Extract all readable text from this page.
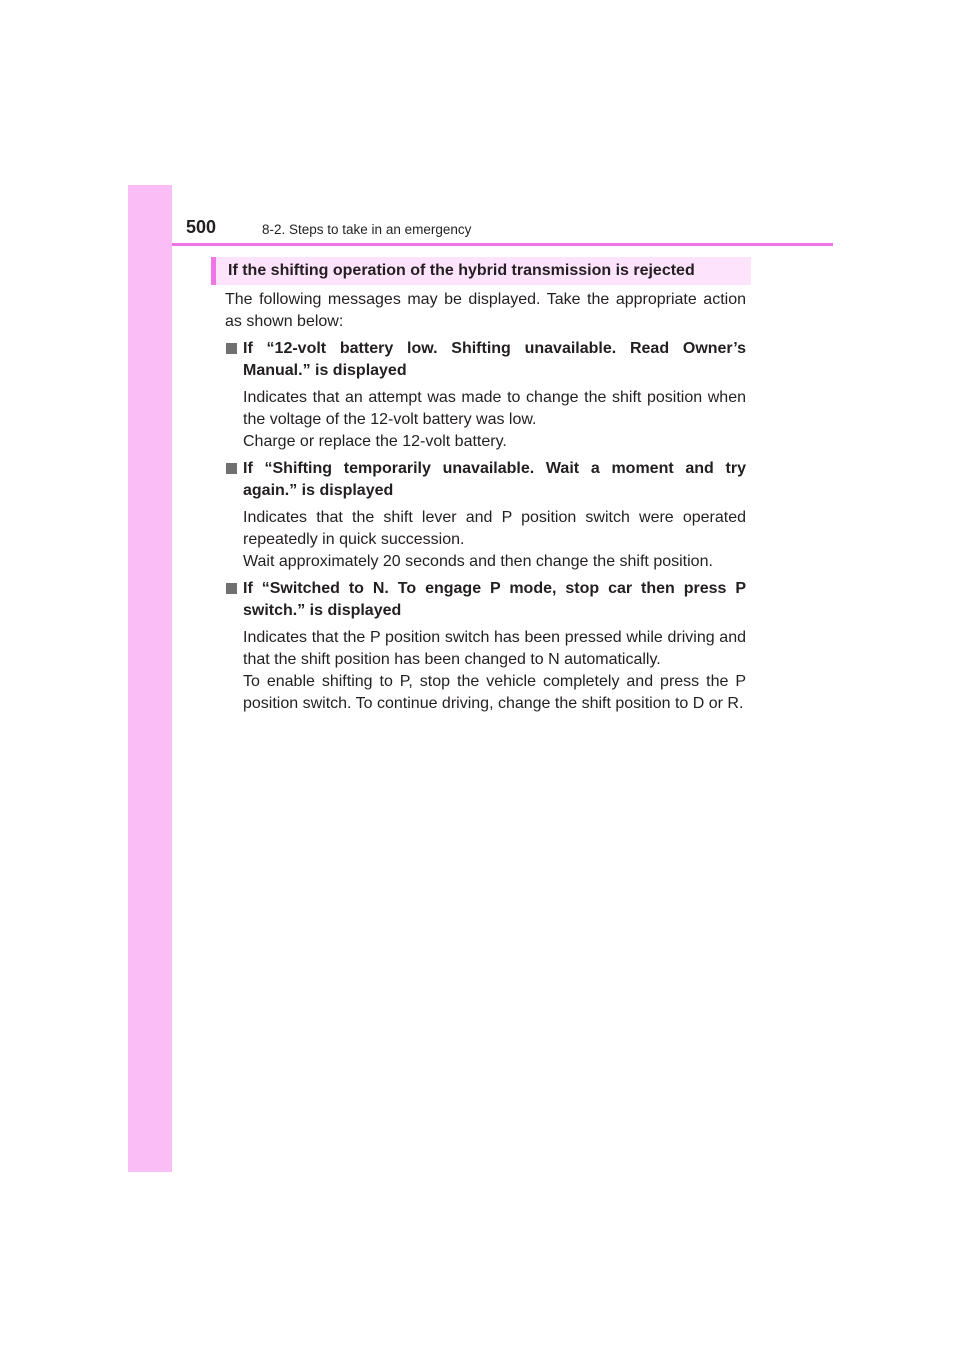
500	8-2. Steps to take in an emergency
If the shifting operation of the hybrid transmission is rejected

The following messages may be displayed. Take the appropriate action as shown below:

If “12-volt battery low. Shifting unavailable. Read Owner’s Manual.” is displayed

Indicates that an attempt was made to change the shift position when the voltage of the 12-volt battery was low.

Charge or replace the 12-volt battery.

If “Shifting temporarily unavailable. Wait a moment and try again.” is displayed

Indicates that the shift lever and P position switch were operated repeatedly in quick succession.

Wait approximately 20 seconds and then change the shift position.

If “Switched to N. To engage P mode, stop car then press P switch.” is displayed

Indicates that the P position switch has been pressed while driving and that the shift position has been changed to N automatically.

To enable shifting to P, stop the vehicle completely and press the P position switch. To continue driving, change the shift position to D or R.
